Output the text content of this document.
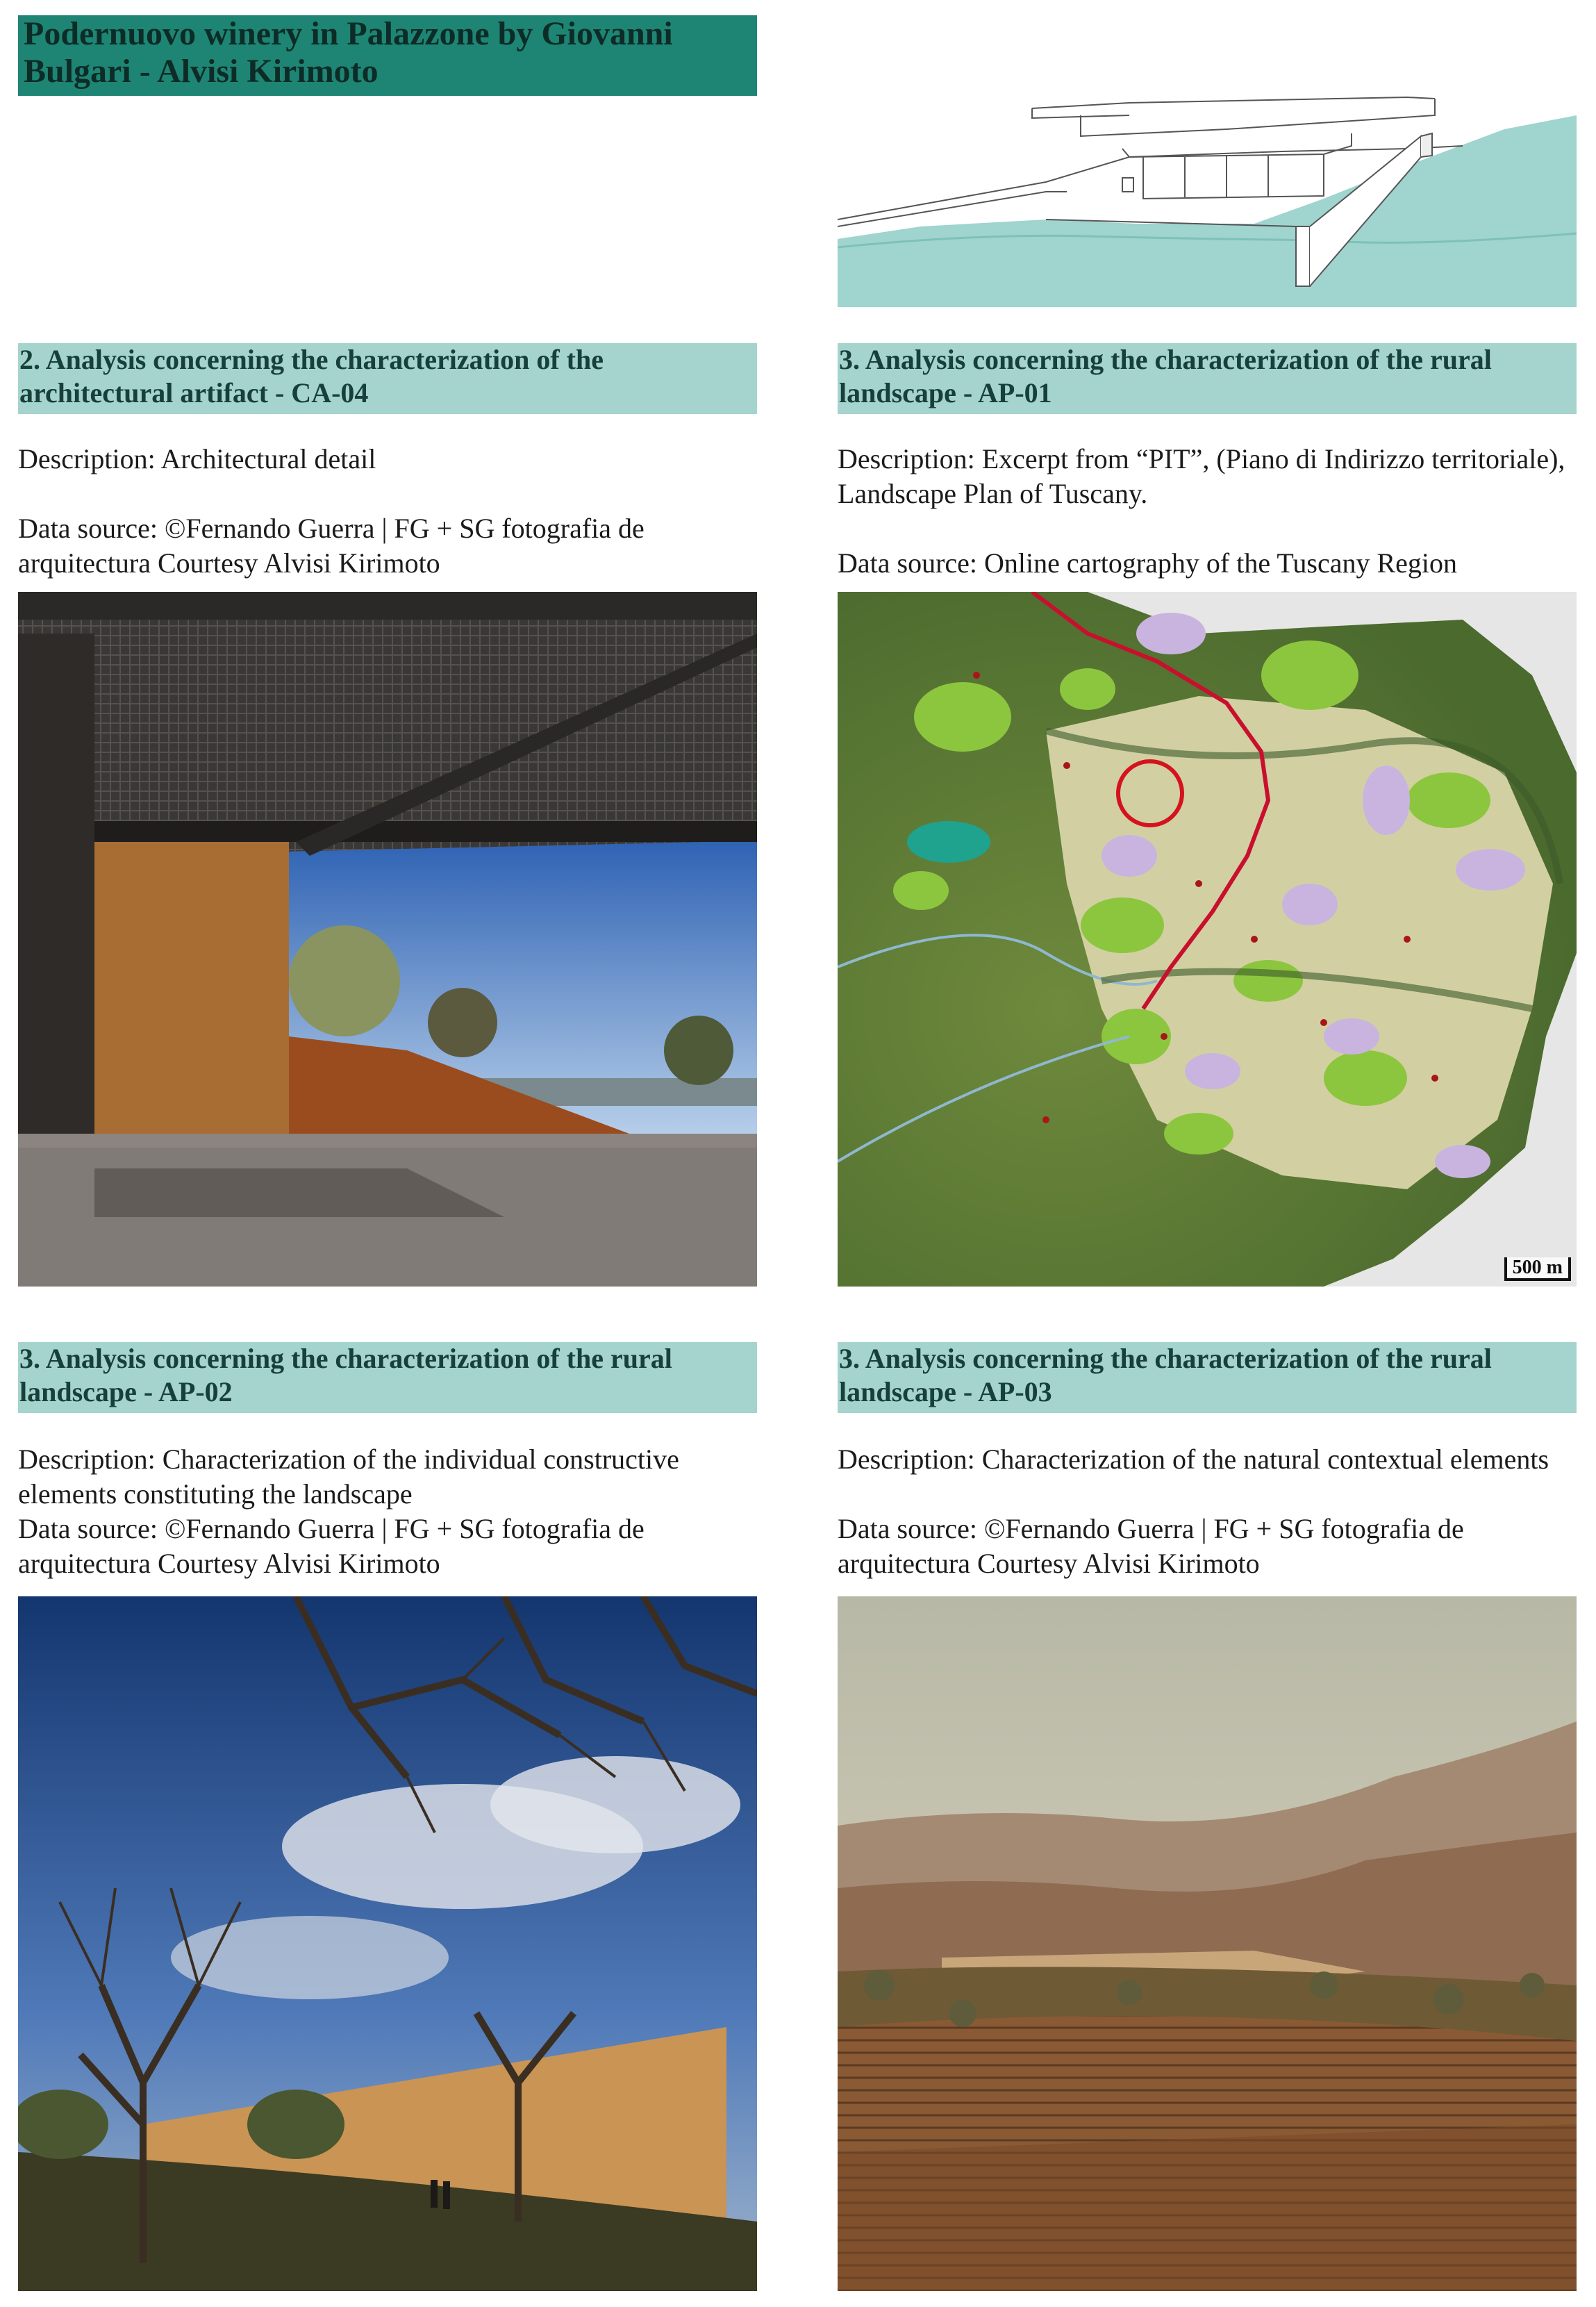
Podernuovo winery in Palazzone by Giovanni Bulgari - Alvisi Kirimoto
2. Analysis concerning the characterization of the architectural artifact - CA-04
Description: Architectural detail
Data source: ©Fernando Guerra | FG + SG fotografia de arquitectura Courtesy Alvisi Kirimoto
3. Analysis concerning the characterization of the rural landscape - AP-01
Description: Excerpt from “PIT”, (Piano di Indirizzo territoriale), Landscape Plan of Tuscany.
Data source: Online cartography of the Tuscany Region
500 m
3. Analysis concerning the characterization of the rural landscape - AP-02
Description: Characterization of the individual constructive elements constituting the landscape
Data source: ©Fernando Guerra | FG + SG fotografia de arquitectura Courtesy Alvisi Kirimoto
3. Analysis concerning the characterization of the rural landscape - AP-03
Description: Characterization of the natural contextual elements
Data source: ©Fernando Guerra | FG + SG fotografia de arquitectura Courtesy Alvisi Kirimoto
